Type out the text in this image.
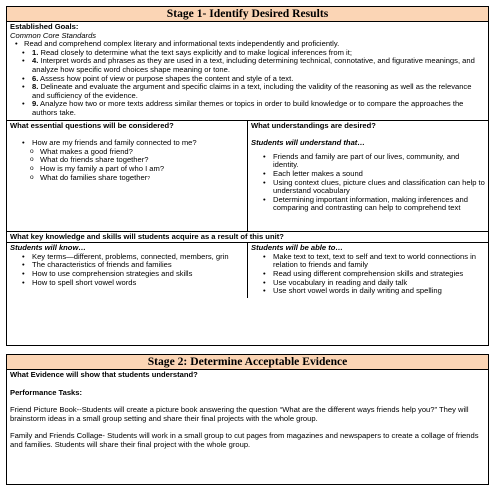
Stage 1- Identify Desired Results
Established Goals:
Common Core Standards
• Read and comprehend complex literary and informational texts independently and proficiently.
• 1. Read closely to determine what the text says explicitly and to make logical inferences from it;
• 4. Interpret words and phrases as they are used in a text, including determining technical, connotative, and figurative meanings, and analyze how specific word choices shape meaning or tone.
• 6. Assess how point of view or purpose shapes the content and style of a text.
• 8. Delineate and evaluate the argument and specific claims in a text, including the validity of the reasoning as well as the relevance and sufficiency of the evidence.
• 9. Analyze how two or more texts address similar themes or topics in order to build knowledge or to compare the approaches the authors take.
What essential questions will be considered?
• How are my friends and family connected to me?
o What makes a good friend?
o What do friends share together?
o How is my family a part of who I am?
o What do families share together?
What understandings are desired?
Students will understand that…
• Friends and family are part of our lives, community, and identity.
• Each letter makes a sound
• Using context clues, picture clues and classification can help to understand vocabulary
• Determining important information, making inferences and comparing and contrasting can help to comprehend text
What key knowledge and skills will students acquire as a result of this unit?
Students will know…
• Key terms—different, problems, connected, members, grin
• The characteristics of friends and families
• How to use comprehension strategies and skills
• How to spell short vowel words
Students will be able to…
• Make text to text, text to self and text to world connections in relation to friends and family
• Read using different comprehension skills and strategies
• Use vocabulary in reading and daily talk
• Use short vowel words in daily writing and spelling
Stage 2: Determine Acceptable Evidence
What Evidence will show that students understand?

Performance Tasks:

Friend Picture Book--Students will create a picture book answering the question “What are the different ways friends help you?” They will brainstorm ideas in a small group setting and share their final projects with the whole group.

Family and Friends Collage- Students will work in a small group to cut pages from magazines and newspapers to create a collage of friends and families. Students will share their final project with the whole group.
